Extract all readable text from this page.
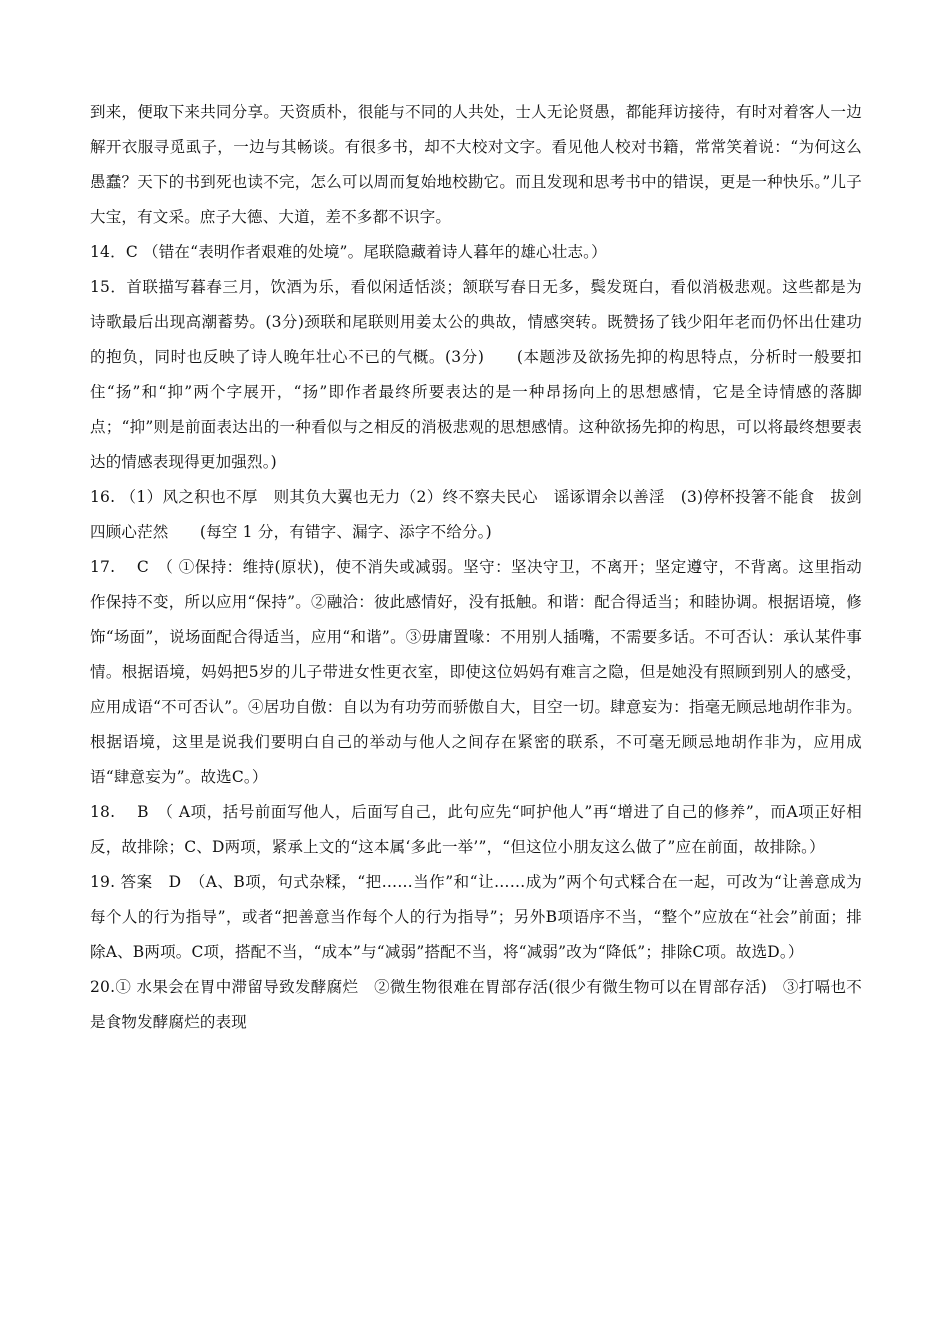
到来，便取下来共同分享。天资质朴，很能与不同的人共处，士人无论贤愚，都能拜访接待，有时对着客人一边解开衣服寻觅虱子，一边与其畅谈。有很多书，却不大校对文字。看见他人校对书籍，常常笑着说：“为何这么愚蠢？天下的书到死也读不完，怎么可以周而复始地校勘它。而且发现和思考书中的错误，更是一种快乐。”儿子大宝，有文采。庶子大德、大道，差不多都不识字。

14．C （错在“表明作者艰难的处境”。尾联隐藏着诗人暮年的雄心壮志。）

15．首联描写暮春三月，饮酒为乐，看似闲适恬淡；颔联写春日无多，鬓发斑白，看似消极悲观。这些都是为诗歌最后出现高潮蓄势。(3分)颈联和尾联则用姜太公的典故，情感突转。既赞扬了钱少阳年老而仍怀出仕建功的抱负，同时也反映了诗人晚年壮心不已的气概。(3分)　　(本题涉及欲扬先抑的构思特点，分析时一般要扣住“扬”和“抑”两个字展开，“扬”即作者最终所要表达的是一种昂扬向上的思想感情，它是全诗情感的落脚点；“抑”则是前面表达出的一种看似与之相反的消极悲观的思想感情。这种欲扬先抑的构思，可以将最终想要表达的情感表现得更加强烈。)

16. （1）风之积也不厚　则其负大翼也无力（2）终不察夫民心　谣诼谓余以善淫　(3)停杯投箸不能食　拔剑四顾心茫然　　(每空 1 分，有错字、漏字、添字不给分。)

17.　 C　（ ①保持：维持(原状)，使不消失或减弱。坚守：坚决守卫，不离开；坚定遵守，不背离。这里指动作保持不变，所以应用“保持”。②融洽：彼此感情好，没有抵触。和谐：配合得适当；和睦协调。根据语境，修饰“场面”，说场面配合得适当，应用“和谐”。③毋庸置喙：不用别人插嘴，不需要多话。不可否认：承认某件事情。根据语境，妈妈把5岁的儿子带进女性更衣室，即使这位妈妈有难言之隐，但是她没有照顾到别人的感受，应用成语“不可否认”。④居功自傲：自以为有功劳而骄傲自大，目空一切。肆意妄为：指毫无顾忌地胡作非为。根据语境，这里是说我们要明白自己的举动与他人之间存在紧密的联系，不可毫无顾忌地胡作非为，应用成语“肆意妄为”。故选C。）

18.　 B　（ A项，括号前面写他人，后面写自己，此句应先“呵护他人”再“增进了自己的修养”，而A项正好相反，故排除；C、D两项，紧承上文的“这本属‘多此一举’”，“但这位小朋友这么做了”应在前面，故排除。）

19. 答案　D　（A、B项，句式杂糅，“把……当作”和“让……成为”两个句式糅合在一起，可改为“让善意成为每个人的行为指导”，或者“把善意当作每个人的行为指导”；另外B项语序不当，“整个”应放在“社会”前面；排除A、B两项。C项，搭配不当，“成本”与“减弱”搭配不当，将“减弱”改为“降低”；排除C项。故选D。）

20.① 水果会在胃中滞留导致发酵腐烂　②微生物很难在胃部存活(很少有微生物可以在胃部存活)　③打嗝也不是食物发酵腐烂的表现
